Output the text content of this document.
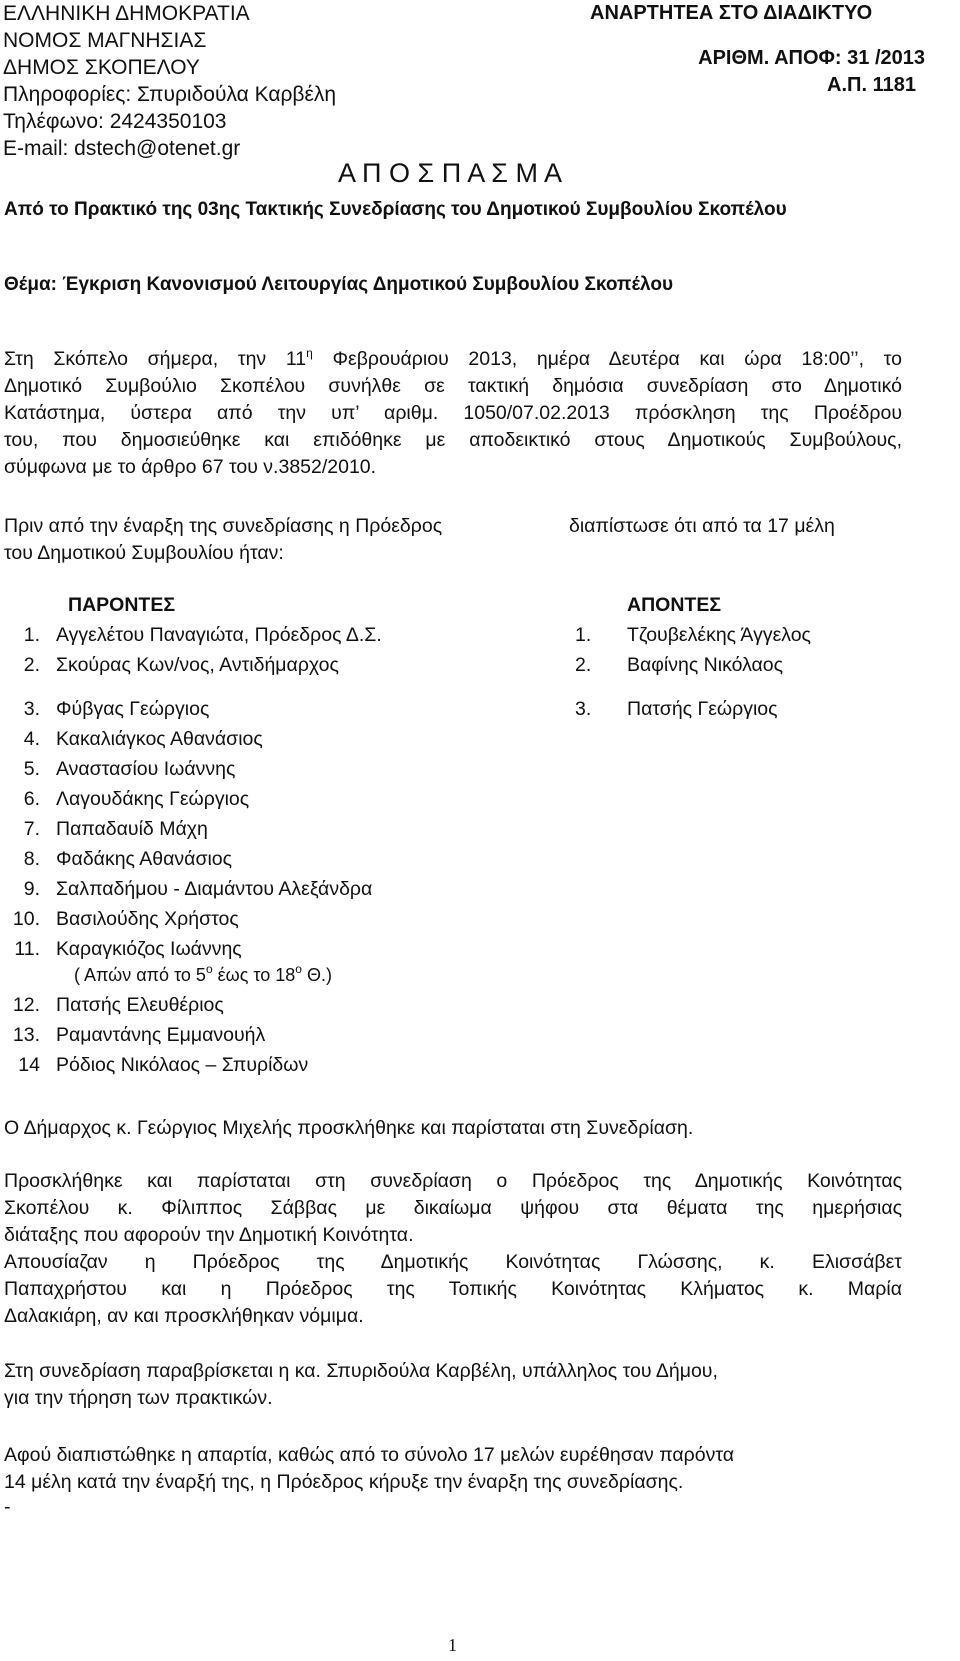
ΕΛΛΗΝΙΚΗ ΔΗΜΟΚΡΑΤΙΑ
ΝΟΜΟΣ ΜΑΓΝΗΣΙΑΣ
ΔΗΜΟΣ ΣΚΟΠΕΛΟΥ
Πληροφορίες: Σπυριδούλα Καρβέλη
Τηλέφωνο: 2424350103
E-mail: dstech@otenet.gr
ΑΝΑΡΤΗΤΕΑ ΣΤΟ ΔΙΑΔΙΚΤΥΟ
ΑΡΙΘΜ. ΑΠΟΦ: 31 /2013
Α.Π. 1181
Α Π Ο Σ Π Α Σ Μ Α
Από το Πρακτικό της 03ης Τακτικής Συνεδρίασης του Δημοτικού Συμβουλίου Σκοπέλου
Θέμα: Έγκριση Κανονισμού Λειτουργίας Δημοτικού Συμβουλίου Σκοπέλου
Στη Σκόπελο σήμερα, την $11^\eta$ Φεβρουάριου 2013, ημέρα Δευτέρα και ώρα 18:00’’, το
Δημοτικό Συμβούλιο Σκοπέλου συνήλθε σε τακτική δημόσια συνεδρίαση στο Δημοτικό
Κατάστημα, ύστερα από την υπ’ αριθμ. 1050/07.02.2013 πρόσκληση της Προέδρου
του, που δημοσιεύθηκε και επιδόθηκε με αποδεικτικό στους Δημοτικούς Συμβούλους,
σύμφωνα με το άρθρο 67 του ν.3852/2010.
Πριν από την έναρξη της συνεδρίασης η Πρόεδρος	διαπίστωσε ότι από τα 17 μέλη
του Δημοτικού Συμβουλίου ήταν:
ΠΑΡΟΝΤΕΣ
1. Αγγελέτου Παναγιώτα, Πρόεδρος Δ.Σ.
2. Σκούρας Κων/νος, Αντιδήμαρχος
3. Φύβγας Γεώργιος
4. Κακαλιάγκος Αθανάσιος
5. Αναστασίου Ιωάννης
6. Λαγουδάκης Γεώργιος
7. Παπαδαυίδ Μάχη
8. Φαδάκης Αθανάσιος
9. Σαλπαδήμου - Διαμάντου Αλεξάνδρα
10. Βασιλούδης Χρήστος
11. Καραγκιόζος Ιωάννης
( Απών από το $5^o$ έως το $18^o$ Θ.)
12. Πατσής Ελευθέριος
13. Ραμαντάνης Εμμανουήλ
14 Ρόδιος Νικόλαος – Σπυρίδων
ΑΠΟΝΤΕΣ
1. Τζουβελέκης Άγγελος
2. Βαφίνης Νικόλαος
3. Πατσής Γεώργιος
Ο Δήμαρχος κ. Γεώργιος Μιχελής προσκλήθηκε και παρίσταται στη Συνεδρίαση.
Προσκλήθηκε και παρίσταται στη συνεδρίαση ο Πρόεδρος της Δημοτικής Κοινότητας
Σκοπέλου κ. Φίλιππος Σάββας με δικαίωμα ψήφου στα θέματα της ημερήσιας
διάταξης που αφορούν την Δημοτική Κοινότητα.
Απουσίαζαν η Πρόεδρος της Δημοτικής Κοινότητας Γλώσσης, κ. Ελισσάβετ
Παπαχρήστου και η Πρόεδρος της Τοπικής Κοινότητας Κλήματος κ. Μαρία
Δαλακιάρη, αν και προσκλήθηκαν νόμιμα.
Στη συνεδρίαση παραβρίσκεται η κα. Σπυριδούλα Καρβέλη, υπάλληλος του Δήμου,
για την τήρηση των πρακτικών.
Αφού διαπιστώθηκε η απαρτία, καθώς από το σύνολο 17 μελών ευρέθησαν παρόντα
14 μέλη κατά την έναρξή της, η Πρόεδρος κήρυξε την έναρξη της συνεδρίασης.
-
1
